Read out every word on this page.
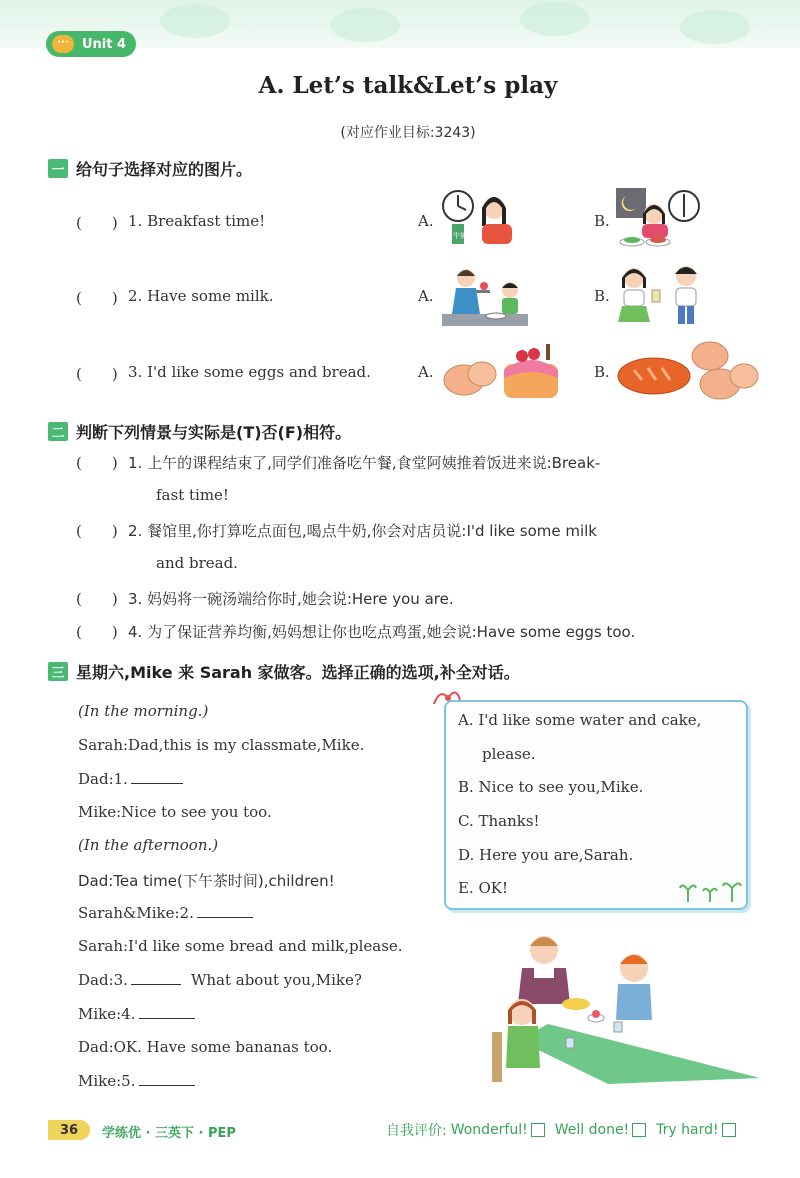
···	Unit 4
A. Let’s talk&Let’s play
(对应作业目标:3243)
一 给句子选择对应的图片。
(　　) 1. Breakfast time!	A.	B.
牛奶
(　　) 2. Have some milk.	A.	B.
(　　) 3. I'd like some eggs and bread.	A.	B.
二 判断下列情景与实际是(T)否(F)相符。
(　　) 1. 上午的课程结束了,同学们准备吃午餐,食堂阿姨推着饭进来说:Break-
fast time!
(　　) 2. 餐馆里,你打算吃点面包,喝点牛奶,你会对店员说:I'd like some milk
and bread.
(　　) 3. 妈妈将一碗汤端给你时,她会说:Here you are.
(　　) 4. 为了保证营养均衡,妈妈想让你也吃点鸡蛋,她会说:Have some eggs too.
三 星期六,Mike 来 Sarah 家做客。选择正确的选项,补全对话。
(In the morning.)
Sarah:Dad,this is my classmate,Mike.
Dad:1.
Mike:Nice to see you too.
(In the afternoon.)
Dad:Tea time(下午茶时间),children!
Sarah&Mike:2.
Sarah:I'd like some bread and milk,please.
Dad:3.	What about you,Mike?
Mike:4.
Dad:OK. Have some bananas too.
Mike:5.
A. I'd like some water and cake,
please.
B. Nice to see you,Mike.
C. Thanks!
D. Here you are,Sarah.
E. OK!
36	学练优 · 三英下 · PEP	自我评价: Wonderful! Well done! Try hard!
